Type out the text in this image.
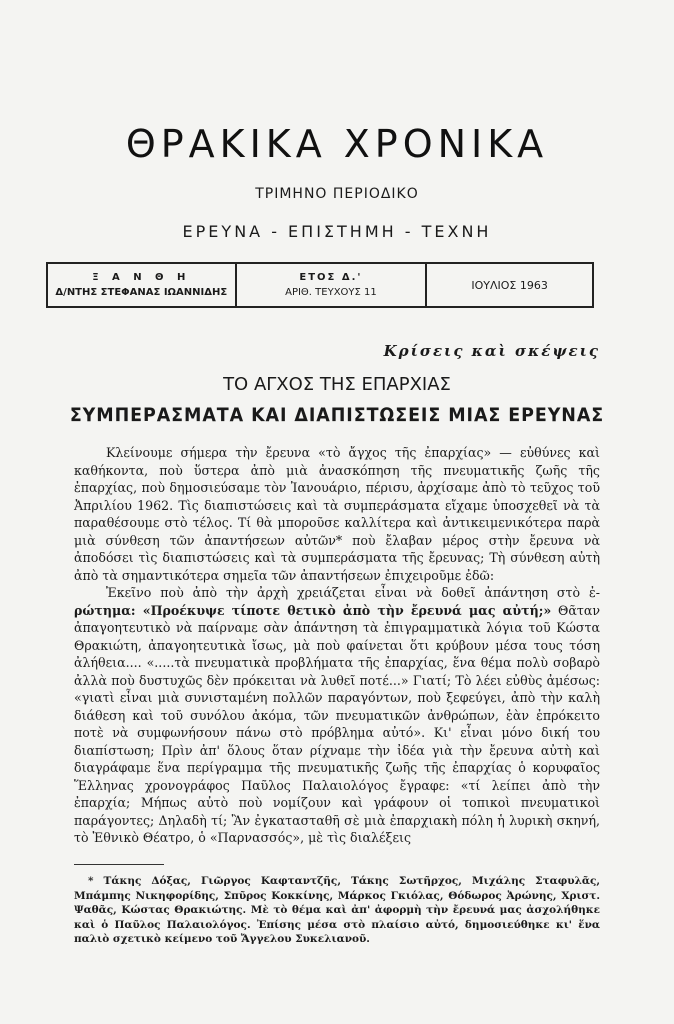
ΘΡΑΚΙΚΑ ΧΡΟΝΙΚΑ
ΤΡΙΜΗΝΟ ΠΕΡΙΟΔΙΚΟ
ΕΡΕΥΝΑ - ΕΠΙΣΤΗΜΗ - ΤΕΧΝΗ
Ξ Α Ν Θ Η
Δ/ΝΤΗΣ ΣΤΕΦΑΝΑΣ ΙΩΑΝΝΙΔΗΣ
ΕΤΟΣ Δ.'
ΑΡΙΘ. ΤΕΥΧΟΥΣ 11
ΙΟΥΛΙΟΣ 1963
Κρίσεις καὶ σκέψεις
ΤΟ ΑΓΧΟΣ ΤΗΣ ΕΠΑΡΧΙΑΣ
ΣΥΜΠΕΡΑΣΜΑΤΑ ΚΑΙ ΔΙΑΠΙΣΤΩΣΕΙΣ ΜΙΑΣ ΕΡΕΥΝΑΣ

Κλείνουμε σήμερα τὴν ἔρευνα «τὸ ἄγχος τῆς ἐπαρχίας» — εὐθύνες καὶ καθήκοντα, ποὺ ὕστερα ἀπὸ μιὰ ἀνασκόπηση τῆς πνευματικῆς ζωῆς τῆς ἐπαρχίας, ποὺ δημοσιεύσαμε τὸν Ἰανουάριο, πέρισυ, ἀρχίσαμε ἀπὸ τὸ τεῦχος τοῦ Ἀπριλίου 1962. Τὶς διαπιστώσεις καὶ τὰ συμπεράσματα εἴχαμε ὑποσχεθεῖ νὰ τὰ παραθέσουμε στὸ τέλος. Τί θὰ μποροῦσε καλλίτερα καὶ ἀντικειμενικότερα παρὰ μιὰ σύνθεση τῶν ἀπαντήσεων αὐτῶν* ποὺ ἔλαβαν μέρος στὴν ἔρευνα νὰ ἀποδόσει τὶς διαπιστώσεις καὶ τὰ συμπεράσματα τῆς ἔρευνας; Τὴ σύνθεση αὐτὴ ἀπὸ τὰ σημαντικότερα σημεῖα τῶν ἀπαντήσεων ἐπιχειροῦμε ἐδῶ:

Ἐκεῖνο ποὺ ἀπὸ τὴν ἀρχὴ χρειάζεται εἶναι νὰ δοθεῖ ἀπάντηση στὸ ἐ- ρώτημα: «Προέκυψε τίποτε θετικὸ ἀπὸ τὴν ἔρευνά μας αὐτή;» Θᾶταν ἀπαγοητευτικὸ νὰ παίρναμε σὰν ἀπάντηση τὰ ἐπιγραμματικὰ λόγια τοῦ Κώστα Θρακιώτη, ἀπαγοητευτικὰ ἴσως, μὰ ποὺ φαίνεται ὅτι κρύβουν μέσα τους τόση ἀλήθεια.... «.....τὰ πνευματικὰ προβλήματα τῆς ἐπαρχίας, ἕνα θέμα πολὺ σοβαρὸ ἀλλὰ ποὺ δυστυχῶς δὲν πρόκειται νὰ λυθεῖ ποτέ...» Γιατί; Τὸ λέει εὐθὺς ἀμέσως: «γιατὶ εἶναι μιὰ συνισταμένη πολλῶν παραγόντων, ποὺ ξεφεύγει, ἀπὸ τὴν καλὴ διάθεση καὶ τοῦ συνόλου ἀκόμα, τῶν πνευματικῶν ἀνθρώπων, ἐὰν ἐπρόκειτο ποτὲ νὰ συμφωνήσουν πάνω στὸ πρόβλημα αὐτό». Κι' εἶναι μόνο δική του διαπίστωση; Πρὶν ἀπ' ὅλους ὅταν ρίχναμε τὴν ἰδέα γιὰ τὴν ἔρευνα αὐτὴ καὶ διαγράφαμε ἕνα περίγραμμα τῆς πνευματικῆς ζωῆς τῆς ἐπαρχίας ὁ κορυφαῖος Ἕλληνας χρονογράφος Παῦλος Παλαιολόγος ἔγραφε: «τί λείπει ἀπὸ τὴν ἐπαρχία; Μήπως αὐτὸ ποὺ νομίζουν καὶ γράφουν οἱ τοπικοὶ πνευματικοὶ παράγοντες; Δηλαδὴ τί; Ἂν ἐγκατασταθῆ σὲ μιὰ ἐπαρχιακὴ πόλη ἡ λυρικὴ σκηνή, τὸ Ἐθνικὸ Θέατρο, ὁ «Παρνασσός», μὲ τὶς διαλέξεις

* Τάκης Δόξας, Γιῶργος Καφταντζῆς, Τάκης Σωτῆρχος, Μιχάλης Σταφυλᾶς, Μπάμπης Νικηφορίδης, Σπῦρος Κοκκίνης, Μάρκος Γκιόλας, Θόδωρος Ἀρώνης, Χριστ. Ψαθᾶς, Κώστας Θρακιώτης. Μὲ τὸ θέμα καὶ ἀπ' ἀφορμὴ τὴν ἔρευνά μας ἀσχολήθηκε καὶ ὁ Παῦλος Παλαιολόγος. Ἐπίσης μέσα στὸ πλαίσιο αὐτό, δημοσιεύθηκε κι' ἕνα παλιὸ σχετικὸ κείμενο τοῦ Ἄγγελου Συκελιανοῦ.
